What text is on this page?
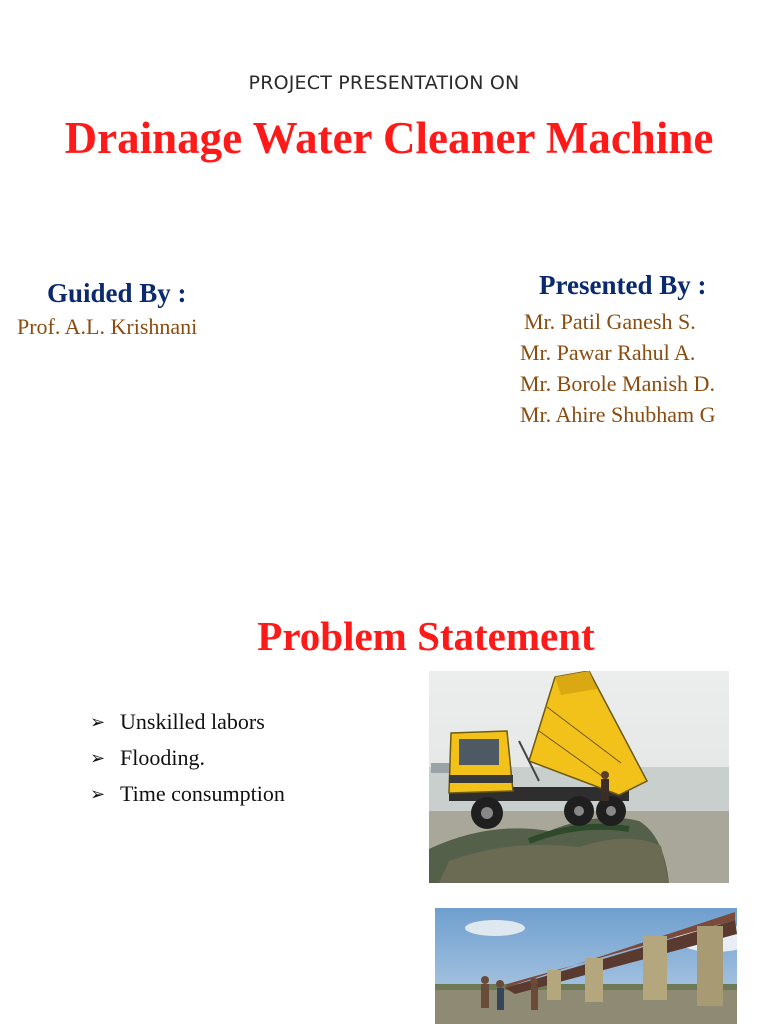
PROJECT PRESENTATION ON
Drainage Water Cleaner Machine
Guided By :
Prof. A.L. Krishnani
Presented By :
Mr. Patil Ganesh S.
Mr. Pawar Rahul A.
Mr. Borole Manish D.
Mr. Ahire Shubham G
Problem Statement
➢ Unskilled labors
➢ Flooding.
➢ Time consumption
